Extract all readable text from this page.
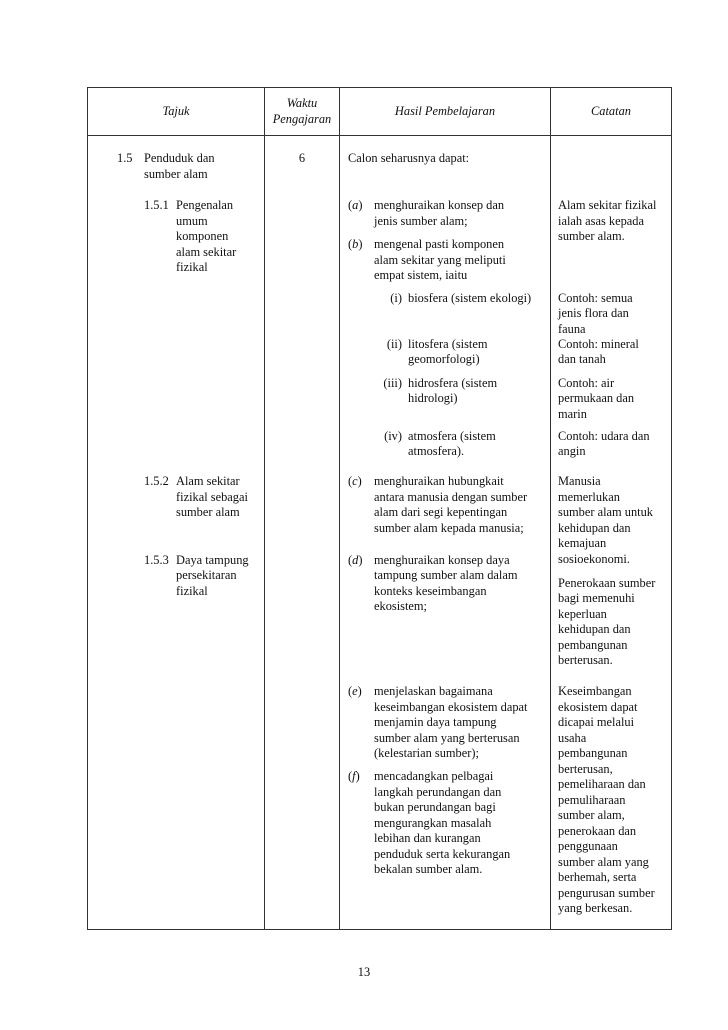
Tajuk
Waktu
Pengajaran
Hasil Pembelajaran	Catatan
1.5 Penduduk dan
sumber alam
6	Calon seharusnya dapat:
1.5.1 Pengenalan
umum
komponen
alam sekitar
fizikal
1.5.2 Alam sekitar
fizikal sebagai
sumber alam
1.5.3 Daya tampung
persekitaran
fizikal
(a) menghuraikan konsep dan
jenis sumber alam;
(b) mengenal pasti komponen
alam sekitar yang meliputi
empat sistem, iaitu
(i) biosfera (sistem ekologi)
(ii) litosfera (sistem
geomorfologi)
(iii) hidrosfera (sistem
hidrologi)
(iv) atmosfera (sistem
atmosfera).
(c) menghuraikan hubungkait
antara manusia dengan sumber
alam dari segi kepentingan
sumber alam kepada manusia;
(d) menghuraikan konsep daya
tampung sumber alam dalam
konteks keseimbangan
ekosistem;
(e) menjelaskan bagaimana
keseimbangan ekosistem dapat
menjamin daya tampung
sumber alam yang berterusan
(kelestarian sumber);
(f) mencadangkan pelbagai
langkah perundangan dan
bukan perundangan bagi
mengurangkan masalah
lebihan dan kurangan
penduduk serta kekurangan
bekalan sumber alam.
Alam sekitar fizikal
ialah asas kepada
sumber alam.
Contoh: semua
jenis flora dan
fauna
Contoh: mineral
dan tanah
Contoh: air
permukaan dan
marin
Contoh: udara dan
angin
Manusia
memerlukan
sumber alam untuk
kehidupan dan
kemajuan
sosioekonomi.
Penerokaan sumber
bagi memenuhi
keperluan
kehidupan dan
pembangunan
berterusan.
Keseimbangan
ekosistem dapat
dicapai melalui
usaha
pembangunan
berterusan,
pemeliharaan dan
pemuliharaan
sumber alam,
penerokaan dan
penggunaan
sumber alam yang
berhemah, serta
pengurusan sumber
yang berkesan.
13
